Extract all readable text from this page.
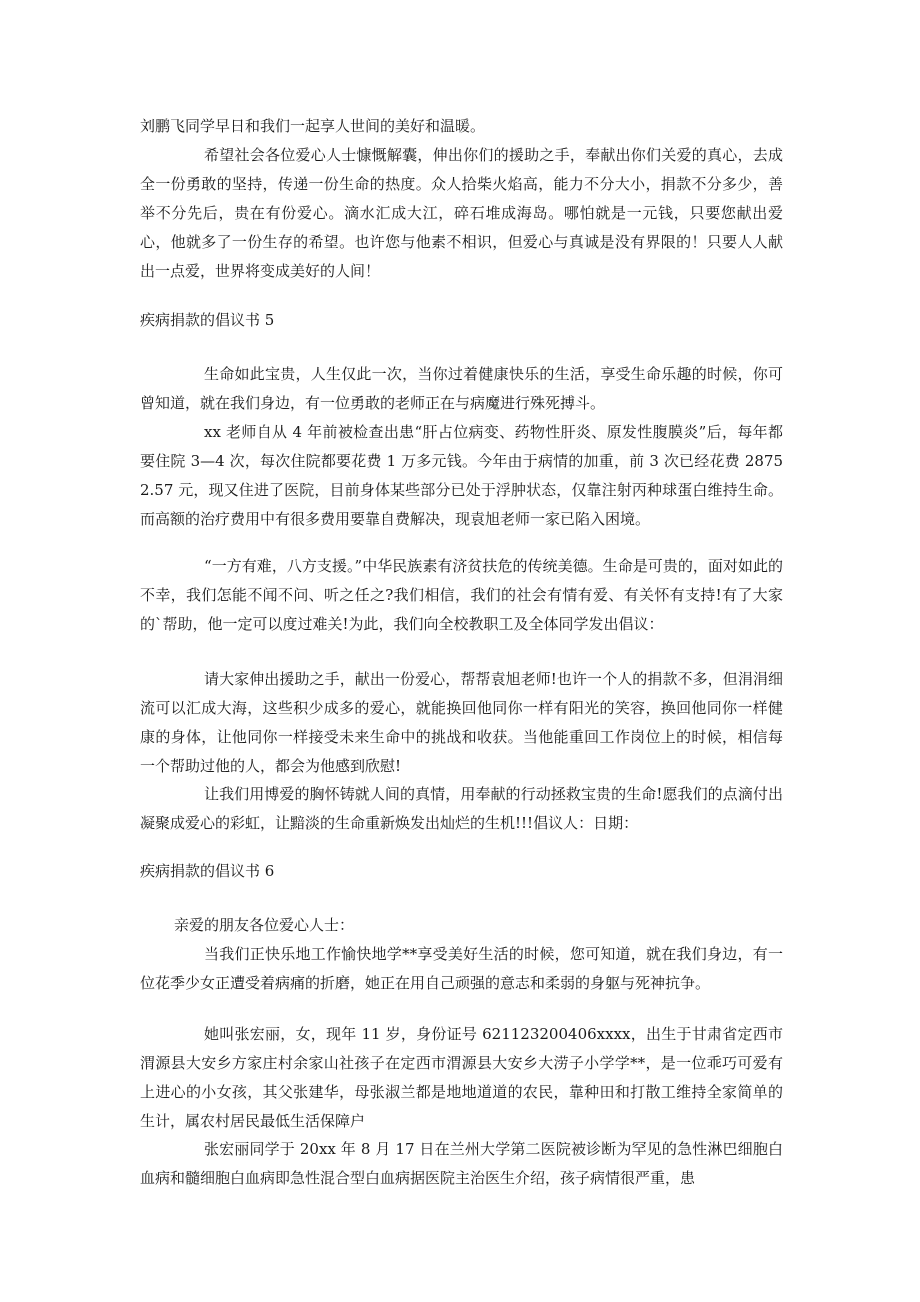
刘鹏飞同学早日和我们一起享人世间的美好和温暖。

希望社会各位爱心人士慷慨解囊，伸出你们的援助之手，奉献出你们关爱的真心，去成全一份勇敢的坚持，传递一份生命的热度。众人拾柴火焰高，能力不分大小，捐款不分多少，善举不分先后，贵在有份爱心。滴水汇成大江，碎石堆成海岛。哪怕就是一元钱，只要您献出爱心，他就多了一份生存的希望。也许您与他素不相识，但爱心与真诚是没有界限的！只要人人献出一点爱，世界将变成美好的人间！

疾病捐款的倡议书 5

生命如此宝贵，人生仅此一次，当你过着健康快乐的生活，享受生命乐趣的时候，你可曾知道，就在我们身边，有一位勇敢的老师正在与病魔进行殊死搏斗。

xx 老师自从 4 年前被检查出患“肝占位病变、药物性肝炎、原发性腹膜炎”后，每年都要住院 3—4 次，每次住院都要花费 1 万多元钱。今年由于病情的加重，前 3 次已经花费 28752.57 元，现又住进了医院，目前身体某些部分已处于浮肿状态，仅靠注射丙种球蛋白维持生命。而高额的治疗费用中有很多费用要靠自费解决，现袁旭老师一家已陷入困境。

“一方有难，八方支援。”中华民族素有济贫扶危的传统美德。生命是可贵的，面对如此的不幸，我们怎能不闻不问、听之任之?我们相信，我们的社会有情有爱、有关怀有支持!有了大家的`帮助，他一定可以度过难关!为此，我们向全校教职工及全体同学发出倡议：

请大家伸出援助之手，献出一份爱心，帮帮袁旭老师!也许一个人的捐款不多，但涓涓细流可以汇成大海，这些积少成多的爱心，就能换回他同你一样有阳光的笑容，换回他同你一样健康的身体，让他同你一样接受未来生命中的挑战和收获。当他能重回工作岗位上的时候，相信每一个帮助过他的人，都会为他感到欣慰!

让我们用博爱的胸怀铸就人间的真情，用奉献的行动拯救宝贵的生命!愿我们的点滴付出凝聚成爱心的彩虹，让黯淡的生命重新焕发出灿烂的生机!!!倡议人：日期：

疾病捐款的倡议书 6

亲爱的朋友各位爱心人士：

当我们正快乐地工作愉快地学**享受美好生活的时候，您可知道，就在我们身边，有一位花季少女正遭受着病痛的折磨，她正在用自己顽强的意志和柔弱的身躯与死神抗争。

她叫张宏丽，女，现年 11 岁，身份证号 621123200406xxxx，出生于甘肃省定西市渭源县大安乡方家庄村余家山社孩子在定西市渭源县大安乡大涝子小学学**，是一位乖巧可爱有上进心的小女孩，其父张建华，母张淑兰都是地地道道的农民，靠种田和打散工维持全家简单的生计，属农村居民最低生活保障户

张宏丽同学于 20xx 年 8 月 17 日在兰州大学第二医院被诊断为罕见的急性淋巴细胞白血病和髓细胞白血病即急性混合型白血病据医院主治医生介绍，孩子病情很严重，患
